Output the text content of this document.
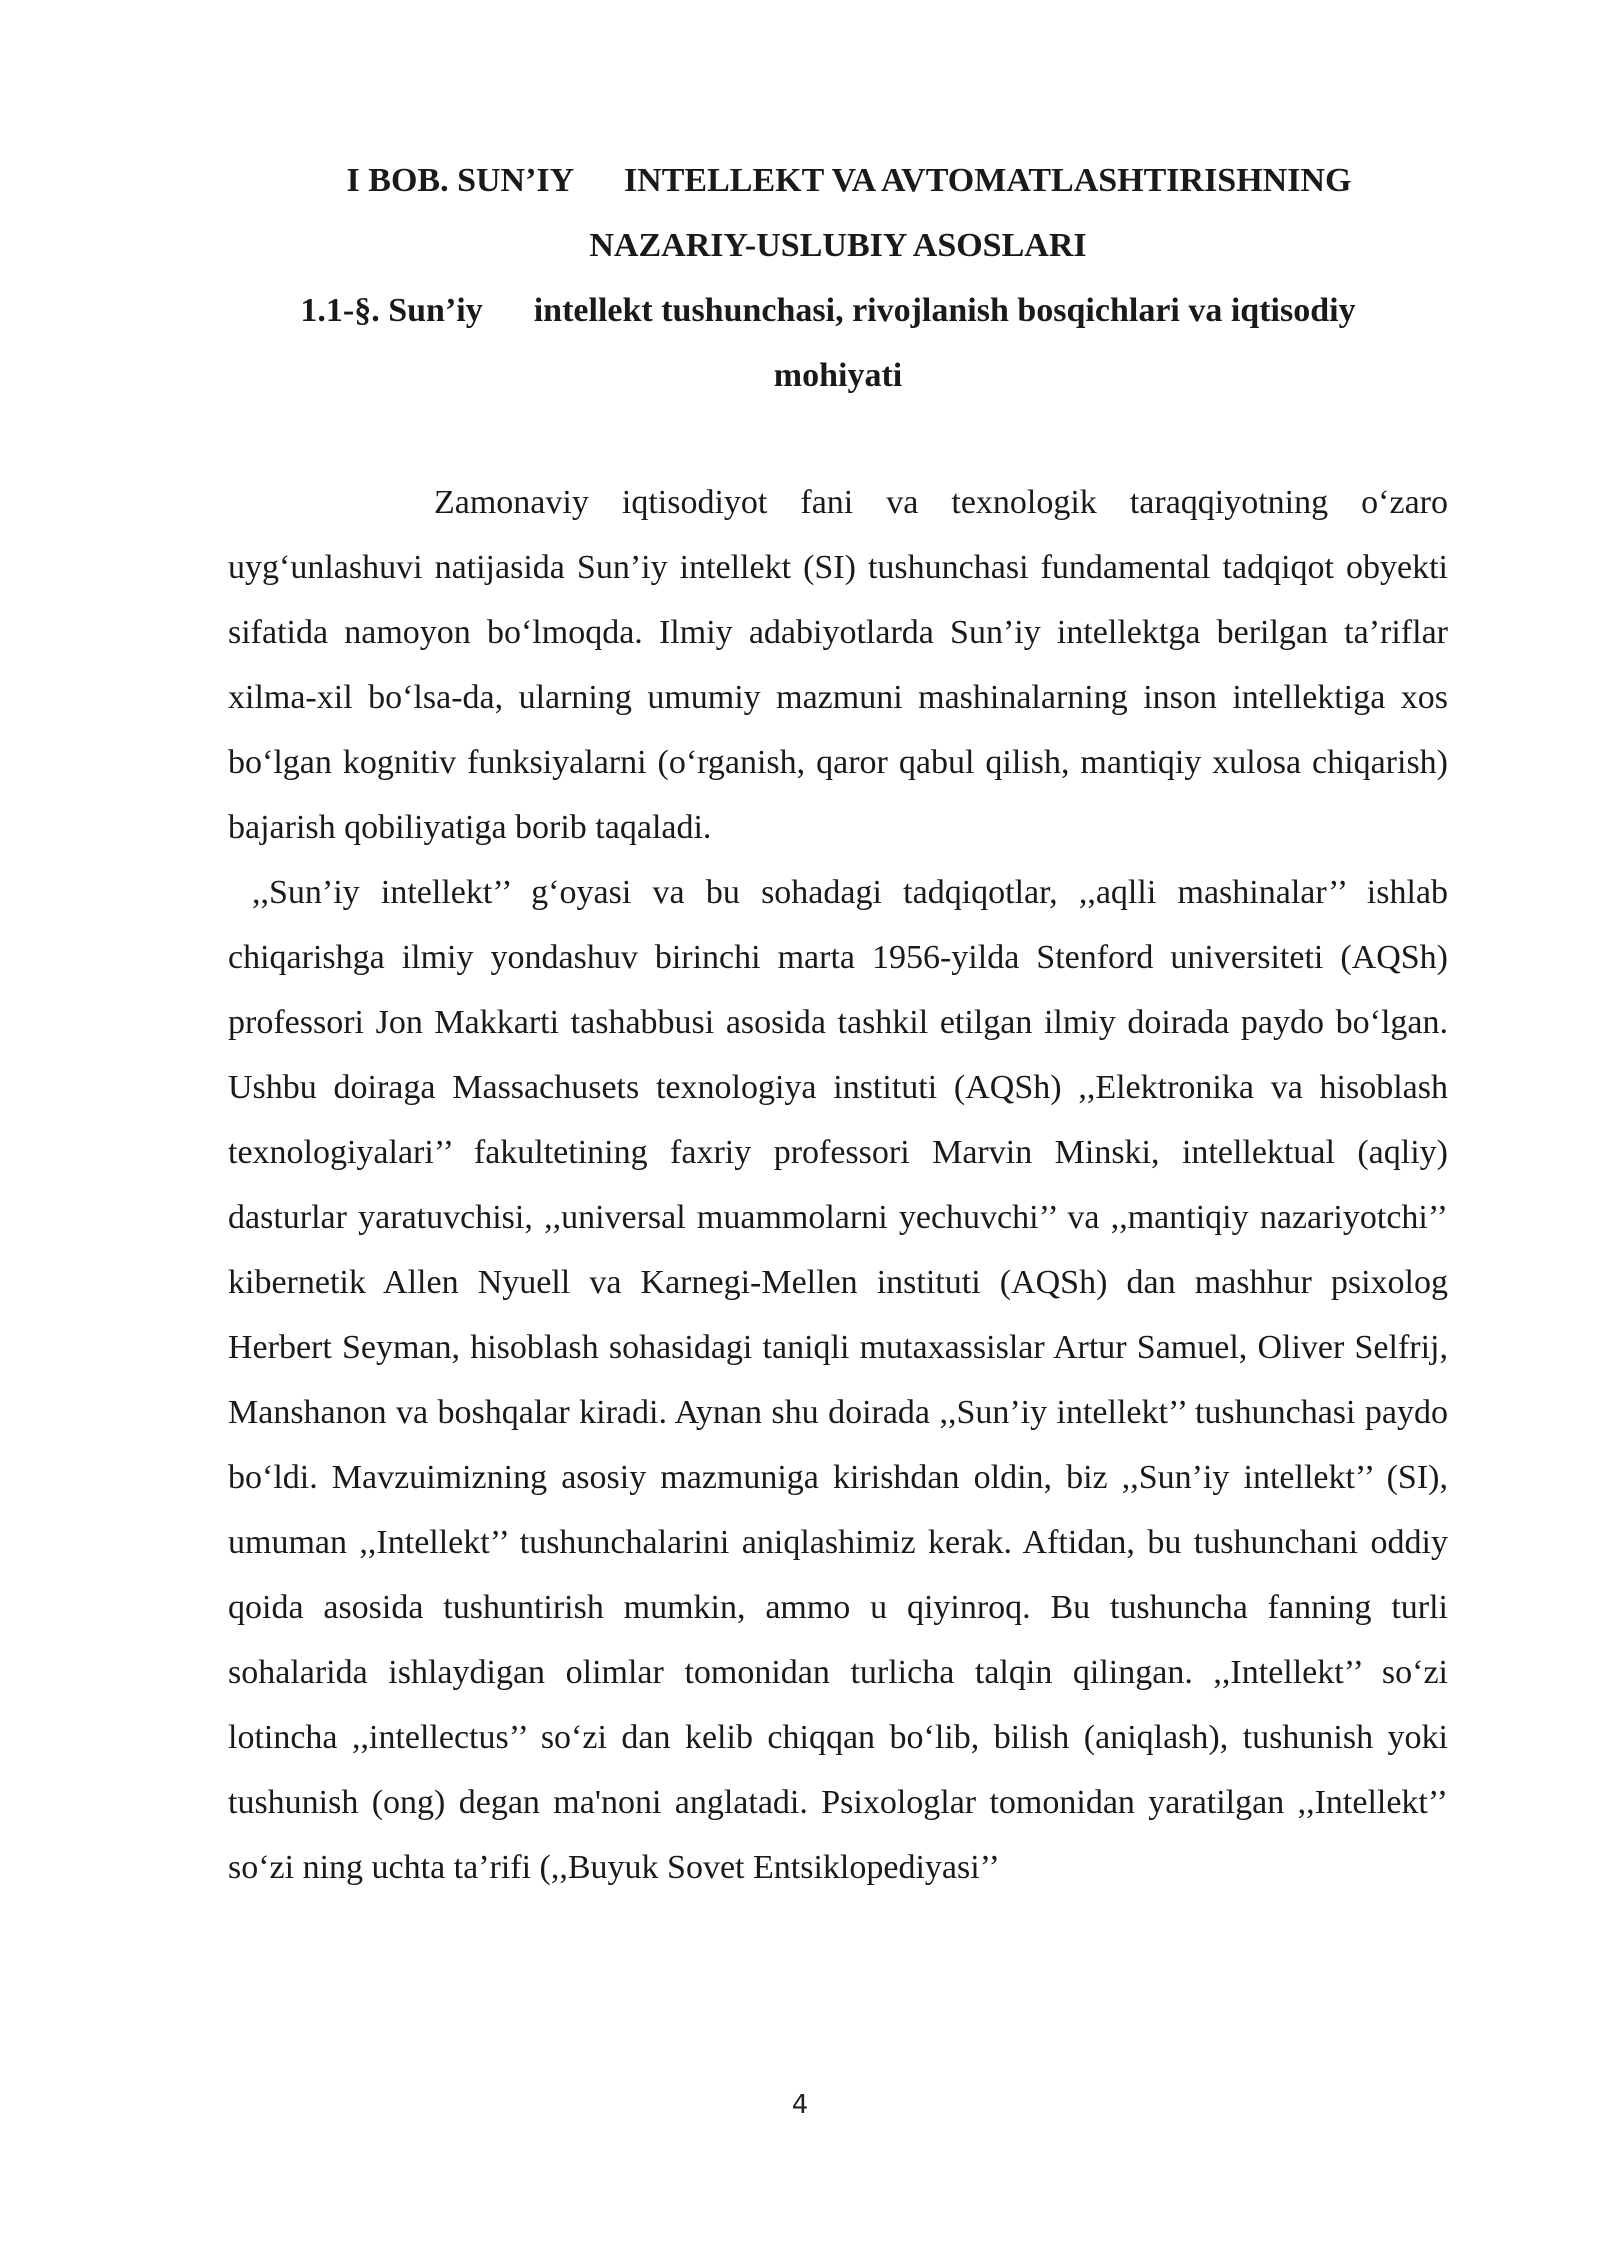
I BOB. SUN’IY      INTELLEKT VA AVTOMATLASHTIRISHNING
NAZARIY-USLUBIY ASOSLARI
1.1-§. Sun’iy      intellekt tushunchasi, rivojlanish bosqichlari va iqtisodiy
mohiyati

Zamonaviy iqtisodiyot fani va texnologik taraqqiyotning o‘zaro uyg‘unlashuvi natijasida Sun’iy intellekt (SI) tushunchasi fundamental tadqiqot obyekti sifatida namoyon bo‘lmoqda. Ilmiy adabiyotlarda Sun’iy intellektga berilgan ta’riflar xilma-xil bo‘lsa-da, ularning umumiy mazmuni mashinalarning inson intellektiga xos bo‘lgan kognitiv funksiyalarni (o‘rganish, qaror qabul qilish, mantiqiy xulosa chiqarish) bajarish qobiliyatiga borib taqaladi.

,,Sun’iy intellekt’’ g‘oyasi va bu sohadagi tadqiqotlar, ,,aqlli mashinalar’’ ishlab chiqarishga ilmiy yondashuv birinchi marta 1956-yilda Stenford universiteti (AQSh) professori Jon Makkarti tashabbusi asosida tashkil etilgan ilmiy doirada paydo bo‘lgan. Ushbu doiraga Massachusets texnologiya instituti (AQSh) ,,Elektronika va hisoblash texnologiyalari’’ fakultetining faxriy professori Marvin Minski, intellektual (aqliy) dasturlar yaratuvchisi, ,,universal muammolarni yechuvchi’’ va ,,mantiqiy nazariyotchi’’ kibernetik Allen Nyuell va Karnegi-Mellen instituti (AQSh) dan mashhur psixolog Herbert Seyman, hisoblash sohasidagi taniqli mutaxassislar Artur Samuel, Oliver Selfrij, Manshanon va boshqalar kiradi. Aynan shu doirada ,,Sun’iy intellekt’’ tushunchasi paydo bo‘ldi. Mavzuimizning asosiy mazmuniga kirishdan oldin, biz ,,Sun’iy intellekt’’ (SI), umuman ,,Intellekt’’ tushunchalarini aniqlashimiz kerak. Aftidan, bu tushunchani oddiy qoida asosida tushuntirish mumkin, ammo u qiyinroq. Bu tushuncha fanning turli sohalarida ishlaydigan olimlar tomonidan turlicha talqin qilingan. ,,Intellekt’’ so‘zi lotincha ,,intellectus’’ so‘zi dan kelib chiqqan bo‘lib, bilish (aniqlash), tushunish yoki tushunish (ong) degan ma'noni anglatadi. Psixologlar tomonidan yaratilgan ,,Intellekt’’ so‘zi ning uchta ta’rifi (,,Buyuk Sovet Entsiklopediyasi’’

4
